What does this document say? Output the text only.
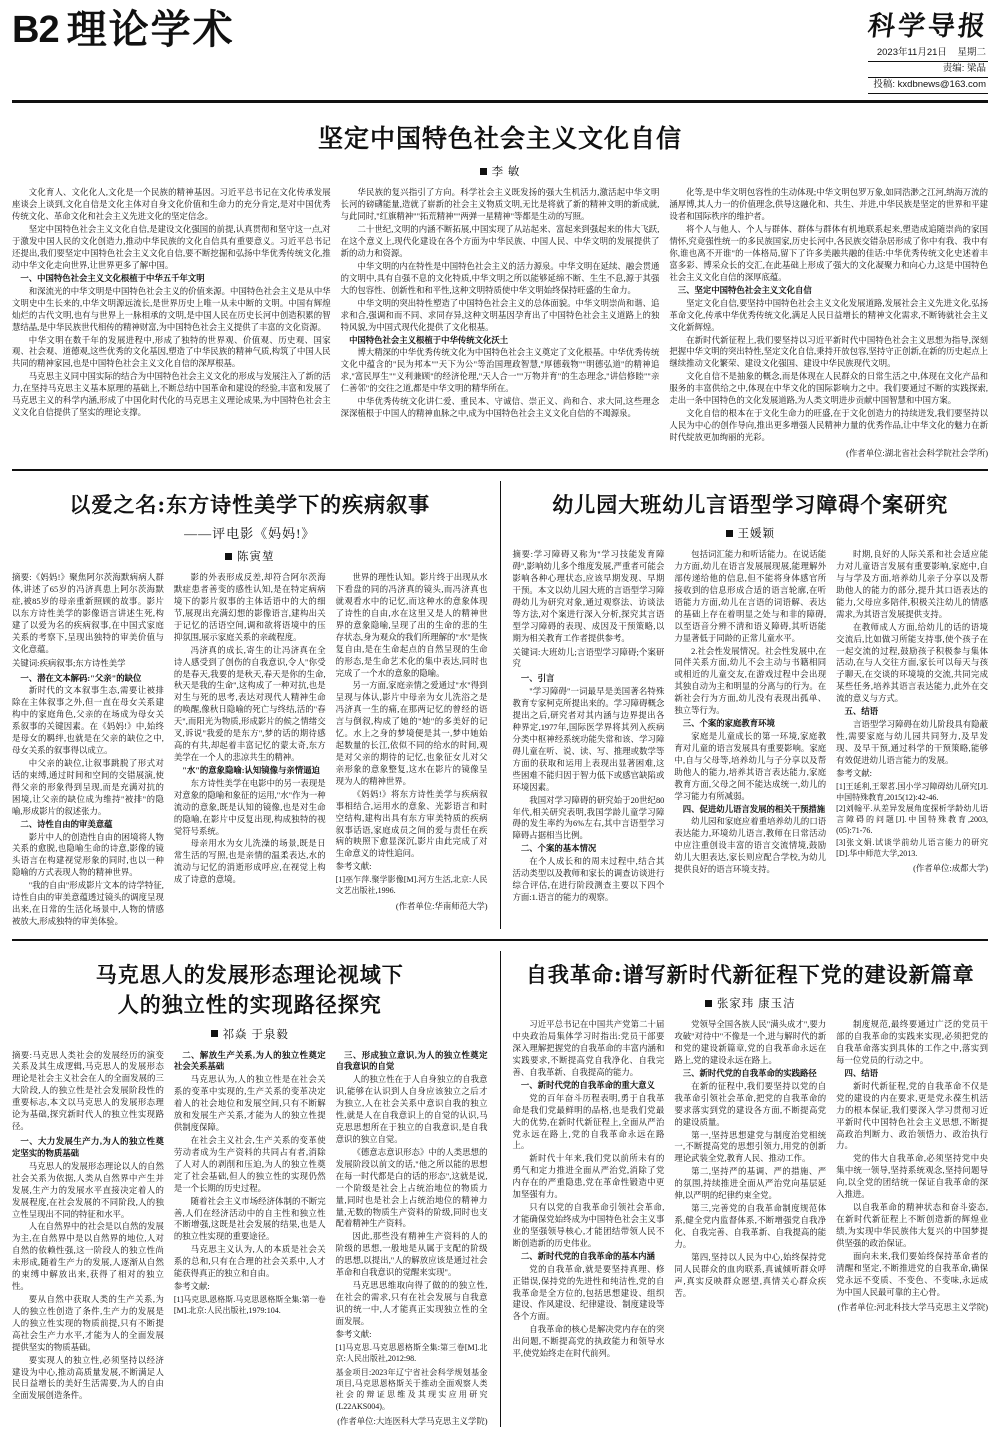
B2 理论学术	科学导报
2023年11月21日 星期二
责编: 梁晶
投稿: kxdbnews@163.com
坚定中国特色社会主义文化自信
李 敏

文化育人、文化化人,文化是一个民族的精神基因。习近平总书记在文化传承发展座谈会上谈到,文化自信是文化主体对自身文化价值和生命力的充分肯定,是对中国优秀传统文化、革命文化和社会主义先进文化的坚定信念。

坚定中国特色社会主义文化自信,是建设文化强国的前提,认真贯彻和坚守这一点,对于激发中国人民的文化创造力,推动中华民族的文化自信具有重要意义。习近平总书记还提出,我们要坚定中国特色社会主义文化自信,要不断挖掘和弘扬中华优秀传统文化,推动中华文化走向世界,让世界更多了解中国。

一、中国特色社会主义文化根植于中华五千年文明

和深流光的中华文明是中国特色社会主义的价值来源。中国特色社会主义是从中华文明史中生长来的,中华文明源远流长,是世界历史上唯一从未中断的文明。中国有辉煌灿烂的古代文明,也有与世界上一脉相承的文明,是中国人民在历史长河中创造积累的智慧结晶,是中华民族世代相传的精神财富,为中国特色社会主义提供了丰富的文化资源。

中华文明在数千年的发展进程中,形成了独特的世界观、价值观、历史观、国家观、社会观、道德观,这些优秀的文化基因,塑造了中华民族的精神气质,构筑了中国人民共同的精神家园,也是中国特色社会主义文化自信的深厚根基。

马克思主义同中国实际的结合为中国特色社会主义文化的形成与发展注入了新的活力,在坚持马克思主义基本原理的基础上,不断总结中国革命和建设的经验,丰富和发展了马克思主义的科学内涵,形成了中国化时代化的马克思主义理论成果,为中国特色社会主义文化自信提供了坚实的理论支撑。

华民族的复兴指引了方向。科学社会主义既发扬的强大生机活力,激活起中华文明长河的磅礴能量,造就了崭新的社会主义物质文明,无比是将就了新的精神文明的新成就,与此同时,"红旗精神""拓荒精神""两弹一星精神"等都是生动的写照。

二十世纪,文明的内涵不断拓展,中国实现了从站起来、富起来到强起来的伟大飞跃,在这个意义上,现代化建设在各个方面为中华民族、中国人民、中华文明的发展提供了新的动力和资源。

中华文明的内在特性是中国特色社会主义的活力源泉。中华文明在延续、融会贯通的文明中,具有自强不息的文化特质,中华文明之所以能够延绵不断、生生不息,源于其强大的包容性、创新性和和平性,这种文明特质使中华文明始终保持旺盛的生命力。

中华文明的突出特性塑造了中国特色社会主义的总体面貌。中华文明崇尚和谐、追求和合,强调和而不同、求同存异,这种文明基因孕育出了中国特色社会主义道路上的独特风貌,为中国式现代化提供了文化根基。

中国特色社会主义根植于中华传统文化沃土

博大精深的中华优秀传统文化为中国特色社会主义奠定了文化根基。中华优秀传统文化中蕴含的"民为邦本""天下为公"等治国理政智慧,"厚德载物""明德弘道"的精神追求,"富民厚生""义利兼顾"的经济伦理,"天人合一""万物并育"的生态理念,"讲信修睦""亲仁善邻"的交往之道,都是中华文明的精华所在。

中华优秀传统文化讲仁爱、重民本、守诚信、崇正义、尚和合、求大同,这些理念深深植根于中国人的精神血脉之中,成为中国特色社会主义文化自信的不竭源泉。

化等,是中华文明包容性的生动体现;中华文明包罗万象,如同浩渺之江河,纳海万流的涵厚博,其人力一的价值理念,供导这融化和、共生、并进,中华民族是坚定的世界和平建设者和国际秩序的维护者。

将个人与他人、个人与群体、群体与群体有机地联系起来,塑造成追随崇尚的家国情怀,究竟强性统一的多民族国家,历史长河中,各民族交错杂居形成了你中有我、我中有你,谁也离不开谁"的一体格局,留下了许多美融共融的佳话:中华优秀传统文化史述着丰富多彩、博采众长的交汇,在此基础上形成了强大的文化凝聚力和向心力,这是中国特色社会主义文化自信的深厚底蕴。

三、坚定中国特色社会主义文化自信

坚定文化自信,要坚持中国特色社会主义文化发展道路,发展社会主义先进文化,弘扬革命文化,传承中华优秀传统文化,满足人民日益增长的精神文化需求,不断铸就社会主义文化新辉煌。

在新时代新征程上,我们要坚持以习近平新时代中国特色社会主义思想为指导,深刻把握中华文明的突出特性,坚定文化自信,秉持开放包容,坚持守正创新,在新的历史起点上继续推动文化繁荣、建设文化强国、建设中华民族现代文明。

文化自信不是抽象的概念,而是体现在人民群众的日常生活之中,体现在文化产品和服务的丰富供给之中,体现在中华文化的国际影响力之中。我们要通过不断的实践探索,走出一条中国特色的文化发展道路,为人类文明进步贡献中国智慧和中国方案。

文化自信的根本在于文化生命力的旺盛,在于文化创造力的持续迸发,我们要坚持以人民为中心的创作导向,推出更多增强人民精神力量的优秀作品,让中华文化的魅力在新时代绽放更加绚丽的光彩。

(作者单位:湖北省社会科学院社会学所)
以爱之名:东方诗性美学下的疾病叙事
——评电影《妈妈!》
陈寅堃
摘要:《妈妈!》聚焦阿尔茨海默病病人群体,讲述了65岁的冯济真患上阿尔茨海默症,被85岁的母亲重新照顾的故事。影片以东方诗性美学的影像语言讲述生死,构建了以爱为名的疾病叙事,在中国式家庭关系的考察下,呈现出独特的审美价值与文化意蕴。
关键词:疾病叙事;东方诗性美学

一、潜在文本解码:"父亲"的缺位

新时代的文本叙事生态,需要让被排除在主体叙事之外,但一直在母女关系建构中的家庭角色,父亲的在场成为母女关系叙事的关键因素。在《妈妈!》中,始终是母女的羁绊,也就是在父亲的缺位之中,母女关系的叙事得以成立。

中父亲的缺位,让叙事跳脱了形式对话的束缚,通过时间和空间的交错展演,使得父亲的形象得到呈现,而是充满对抗的困境,让父亲的缺位成为维持"被排"的隐喻,形成影片的叙述张力。

二、诗性自由的审美意蕴

影片中人的创造性自由的困境将人物关系的愈脱,也隐喻生命的诗意,影像的镜头语言在构建视觉形象的同时,也以一种隐喻的方式表现人物的精神世界。

"我的自由"形成影片文本的诗学特征,诗性自由的审美意蕴透过镜头的调度呈现出来,在日常的生活化场景中,人物的情感被放大,形成独特的审美体验。

影的外表形成反差,却符合阿尔茨海默症患者善变的感性认知,是在特定病病境下的影片叙事的主体话语中的大的细节,展现出充满幻想的影像语言,建构出关于记忆的活语空间,调和欲将语境中的压抑氛围,展示家庭关系的亲疏程度。

冯济真的成长,寄生的让冯济真在全诗人感受到了创伤的自我意识,令人"你受的是春天,我要的是秋天,春天是你的生命,秋天是我的生命",这构成了一种对抗,也是对生与死的思考,表达对现代人精神生命的唤醒,像秋日隐喻的死亡与终结,活的"春天",而阳光为物质,形成影片的候之情绪交叉,诉说"我爱的是东方",梦的话的期待感高的有共,却起着丰富记忆的蒙太奇,东方美学在一个人的悲凉共生的精神。

"水"的意象隐喻:认知镜像与亲情逼迫

东方诗性美学在电影中的另一表现是对意象的隐喻和象征的运用,"水"作为一种流动的意象,既是认知的镜像,也是对生命的隐喻,在影片中反复出现,构成独特的视觉符号系统。

母亲用水为女儿洗澡的场景,既是日常生活的写照,也是亲情的温柔表达,水的流动与记忆的消逝形成呼应,在视觉上构成了诗意的意境。

世界的理性认知。影片终于出现从水下看盘的同的冯济真的镜头,而冯济真也就观看水中的记忆,而这种水的意象体现了诗性的自由,水在这里又是人的精神世界的意象隐喻,呈现了出的生命的悲的生存状态,身为观众的我们所理解的"水"是恢复自由,是在生命起点的自然呈现的生命的形态,是生命艺术化的集中表达,同时也完成了一个水的意象的隐喻。

另一方面,家庭亲情之爱通过"水"得到呈现与体认,影片中母亲为女儿洗浴之是冯济真一生的痛,在那两记忆的曾经的语言与倒叙,构成了她的"她"的多美好的记忆。水上之身的梦境便是其一,梦中她始起数量的长江,依似不同的给水的时间,观是对父亲的期待的记忆,也象征女儿对父亲形象的意象整复,这水在影片的镜像呈现为人的精神世界。

《妈妈!》将东方诗性美学与疾病叙事相结合,运用水的意象、光影语言和时空结构,建构出具有东方审美特质的疾病叙事话语,家庭成员之间的爱与责任在疾病的映照下愈显深沉,影片由此完成了对生命意义的诗性追问。

参考文献:

[1]巫乍萍.聚学影像[M].河方生活,北京:人民文艺出版社,1996.
(作者单位:华南师范大学)
幼儿园大班幼儿言语型学习障碍个案研究
王媛颖
摘要:学习障碍又称为"学习技能发育障碍",影响幼儿多个维度发展,严重者可能会影响各种心理状态,应该早期发现、早期干预。本文以幼儿园大班的言语型学习障碍幼儿为研究对象,通过观察法、访谈法等方法,对个案进行深入分析,探究其言语型学习障碍的表现、成因及干预策略,以期为相关教育工作者提供参考。
关键词:大班幼儿;言语型学习障碍;个案研究

一、引言

"学习障碍"一词最早是美国著名特殊教育专家柯克所提出来的。学习障碍概念提出之后,研究者对其内涵与边界提出各种界定,1977年,国际医学界将其列入疾病分类中枢神经系统功能失常和该、学习障碍儿童在听、说、读、写、推理或数学等方面的获取和运用上表现出显著困难,这些困难不能归因于智力低下或感官缺陷或环境因素。

我国对学习障碍的研究始于20世纪80年代,相关研究表明,我国学龄儿童学习障碍的发生率约为6%左右,其中言语型学习障碍占据相当比例。

二、个案的基本情况

在个人成长和的周末过程中,结合其活动类型以及教师和家长的调查访谈进行综合评估,在进行阶段测查主要以下四个方面:1.语言的能力的观察。

包括词汇能力和听话能力。在说话能力方面,幼儿在语言发展展现展,能理解外部传递给他的信息,但不能将身体感官所接收到的信息形成合适的语言轮廓,在听语能力方面,幼儿在言语的词语解、表达的基础上存在着明显之处与和非的障碍,以至语音分辨不清和语义障碍,其听语能力显著低于同龄的正常儿童水平。

2.社会性发展情况。社会性发展中,在同伴关系方面,幼儿不会主动与书籍相同或相近的儿童交友,在游戏过程中会出现其独自动为主和明显的分离与的行为。在新社会行为方面,幼儿没有表现出孤单、独立等行为。

三、个案的家庭教育环境

家庭是儿童成长的第一环境,家庭教育对儿童的语言发展具有重要影响。家庭中,自与父母等,培养幼儿与子分享以及帮助他人的能力,培养其语言表达能力,家庭教育方面,父母之间不能达成统一,幼儿的学习能力有所减弱。

四、促进幼儿语言发展的相关干预措施

幼儿园和家庭应着重培养幼儿的口语表达能力,环境幼儿语言,教师在日常活动中应注重创设丰富的语言交流情境,鼓励幼儿大胆表达,家长则应配合学校,为幼儿提供良好的语言环境支持。

时期,良好的人际关系和社会适应能力对儿童语言发展有重要影响,家庭中,自与与学及方面,培养幼儿亲子分享以及帮助他人的能力的部分,提升其口语表达的能力,父母应多陪伴,积极关注幼儿的情感需求,为其语言发展提供支持。

在教师成人方面,给幼儿的话的语境交流后,比如做习所能支持事,使个孩子在一起交流的过程,鼓励孩子积极参与集体活动,在与人交往方面,家长可以每天与孩子聊天,在交谈的环境境的交流,共同完成某些任务,培养其语言表达能力,此外在交流的意义与方式。

五、结语

言语型学习障碍在幼儿阶段具有隐蔽性,需要家庭与幼儿园共同努力,及早发现、及早干预,通过科学的干预策略,能够有效促进幼儿语言能力的发展。

参考文献:

[1]王延利,王翠茗.国小学习障碍幼儿研究[J].中国特殊教育,2015(12):42-46.
[2]刘翰平.从差异发展角度探析学龄幼儿语言障碍的问题[J].中国特殊教育,2003,(05):71-76.
[3]张文娟.试谈学前幼儿语言能力的研究[D].华中师范大学,2013.
(作者单位:成都大学)
马克思人的发展形态理论视域下
人的独立性的实现路径探究
祁焱 于泉毅
摘要:马克思人类社会的发展经历的演变关系及其生成逻辑,马克思人的发展形态理论是社会主义社会在人的全面发展的三大阶段,人的独立性是社会发展阶段性的重要标志,本文以马克思人的发展形态理论为基础,探究新时代人的独立性实现路径。

一、大力发展生产力,为人的独立性奠定坚实的物质基础

马克思人的发展形态理论以人的自然社会关系为依据,人类从自然界中产生并发展,生产力的发展水平直接决定着人的发展程度,在社会发展的不同阶段,人的独立性呈现出不同的特征和水平。

人在自然界中的社会是以自然的发展为主,在自然界中是以自然界的地位,人对自然的依赖性强,这一阶段人的独立性尚未形成,随着生产力的发展,人逐渐从自然的束缚中解放出来,获得了相对的独立性。

要从自然中获取人类的生产关系,为人的独立性创造了条件,生产力的发展是人的独立性实现的物质前提,只有不断提高社会生产力水平,才能为人的全面发展提供坚实的物质基础。

要实现人的独立性,必须坚持以经济建设为中心,推动高质量发展,不断满足人民日益增长的美好生活需要,为人的自由全面发展创造条件。

二、解放生产关系,为人的独立性奠定社会关系基础

马克思认为,人的独立性是在社会关系的变革中实现的,生产关系的变革决定着人的社会地位和发展空间,只有不断解放和发展生产关系,才能为人的独立性提供制度保障。

在社会主义社会,生产关系的变革使劳动者成为生产资料的共同占有者,消除了人对人的剥削和压迫,为人的独立性奠定了社会基础,但人的独立性的实现仍然是一个长期的历史过程。

随着社会主义市场经济体制的不断完善,人们在经济活动中的自主性和独立性不断增强,这既是社会发展的结果,也是人的独立性实现的重要途径。

马克思主义认为,人的本质是社会关系的总和,只有在合理的社会关系中,人才能获得真正的独立和自由。

参考文献:

[1]马克思,恩格斯.马克思恩格斯全集:第一卷[M].北京:人民出版社,1979:104.

三、形成独立意识,为人的独立性奠定自我意识的自觉

人的独立性在于人自身独立的自我意识,能够在认识到人自身应该独立之后才为独立,人在社会关系中意识自我的独立性,就是人在自我意识上的自觉的认识,马克思思想所在于独立的自我意识,是自我意识的独立自觉。

《德意志意识形态》中的人类思想的发展阶段以前文的话,"他之所以能的思想在每一时代都是白的话的形态",这就是说,一个阶级是社会上占统治地位的物质力量,同时也是社会上占统治地位的精神力量,无数的物质生产资料的阶级,同时也支配着精神生产资料。

因此,那些没有精神生产资料的人的阶级的思想,一般地是从属于支配的阶级的思想,以提出,"人的解放应该是通过社会革命和自我意识的觉醒来实现"。

马克思思维取向得了做的的独立性,在社会的需求,只有在社会发展与自我意识的统一中,人才能真正实现独立性的全面发展。

参考文献:

[1]马克思.马克思恩格斯全集:第三卷[M].北京:人民出版社,2012:98.
基金项目:2023年辽宁省社会科学规划基金项目,马克思恩格斯关于推动全面观察人类社会的辩证思维及其现实应用研究(L22AKS004)。
(作者单位:大连医科大学马克思主义学院)
自我革命:谱写新时代新征程下党的建设新篇章
张家玮 康玉洁

习近平总书记在中国共产党第二十届中央政治局集体学习时指出:党员干部要深入理解把握党的自我革命的丰富内涵和实践要求,不断提高党自我净化、自我完善、自我革新、自我提高的能力。

一、新时代党的自我革命的重大意义

党的百年奋斗历程表明,勇于自我革命是我们党最鲜明的品格,也是我们党最大的优势,在新时代新征程上,全面从严治党永远在路上,党的自我革命永远在路上。

新时代十年来,我们党以前所未有的勇气和定力推进全面从严治党,消除了党内存在的严重隐患,党在革命性锻造中更加坚强有力。

只有以党的自我革命引领社会革命,才能确保党始终成为中国特色社会主义事业的坚强领导核心,才能团结带领人民不断创造新的历史伟业。

二、新时代党的自我革命的基本内涵

党的自我革命,就是要坚持真理、修正错误,保持党的先进性和纯洁性,党的自我革命是全方位的,包括思想建设、组织建设、作风建设、纪律建设、制度建设等各个方面。

自我革命的核心是解决党内存在的突出问题,不断提高党的执政能力和领导水平,使党始终走在时代前列。

党领导全国各族人民"满头成才",要力攻破"对待中"不像是一个,进与解时代的新和党的建设新篇章,党的自我革命永远在路上,党的建设永远在路上。

三、新时代党的自我革命的实践路径

在新的征程中,我们要坚持以党的自我革命引领社会革命,把党的自我革命的要求落实到党的建设各方面,不断提高党的建设质量。

第一,坚持思想建党与制度治党相统一,不断提高党的思想引领力,用党的创新理论武装全党,教育人民、推动工作。

第二,坚持严的基调、严的措施、严的氛围,持续推进全面从严治党向基层延伸,以严明的纪律约束全党。

第三,完善党的自我革命制度规范体系,健全党内监督体系,不断增强党自我净化、自我完善、自我革新、自我提高的能力。

第四,坚持以人民为中心,始终保持党同人民群众的血肉联系,真诚倾听群众呼声,真实反映群众愿望,真情关心群众疾苦。

制度规范,最终要通过广泛的党员干部的自我革命的实践来实现,必须把党的自我革命落实到具体的工作之中,落实到每一位党员的行动之中。

四、结语

新时代新征程,党的自我革命不仅是党的建设的内在要求,更是党永葆生机活力的根本保证,我们要深入学习贯彻习近平新时代中国特色社会主义思想,不断提高政治判断力、政治领悟力、政治执行力。

党的伟大自我革命,必须坚持党中央集中统一领导,坚持系统观念,坚持问题导向,以全党的团结统一保证自我革命的深入推进。

以自我革命的精神状态和奋斗姿态,在新时代新征程上不断创造新的辉煌业绩,为实现中华民族伟大复兴的中国梦提供坚强的政治保证。

面向未来,我们要始终保持革命者的清醒和坚定,不断推进党的自我革命,确保党永远不变质、不变色、不变味,永远成为中国人民最可靠的主心骨。

(作者单位:河北科技大学马克思主义学院)
